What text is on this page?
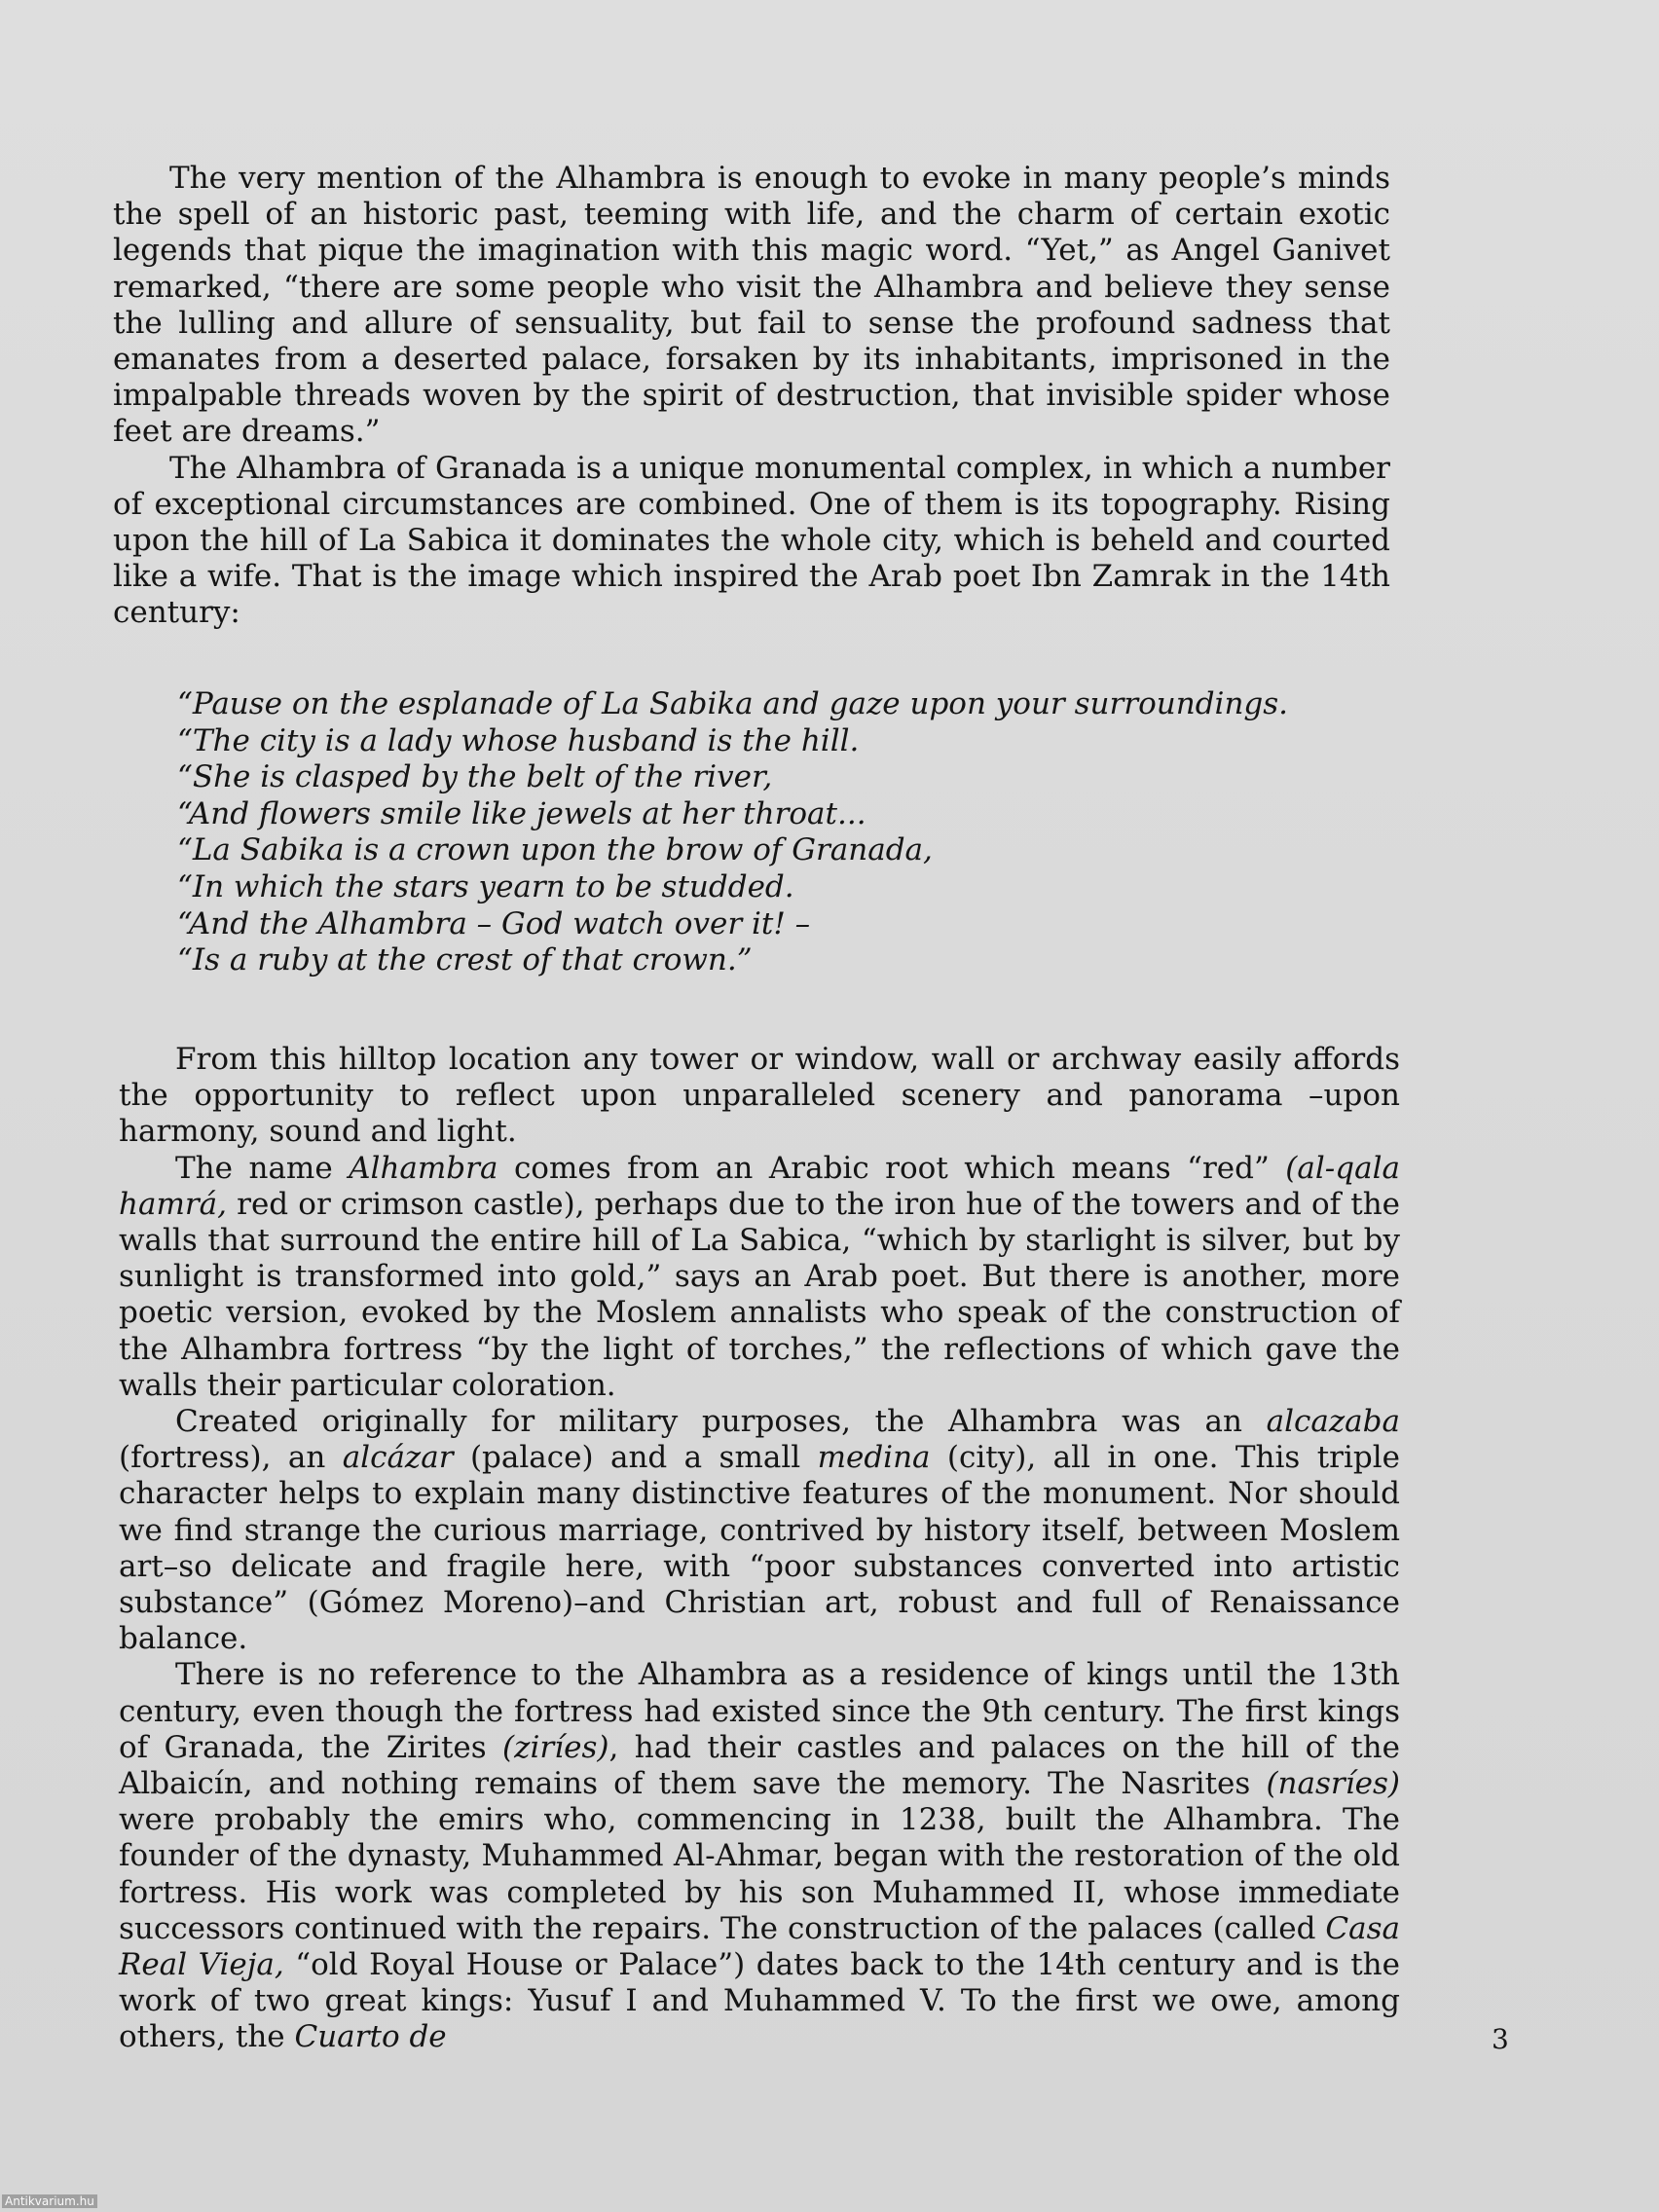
The very mention of the Alhambra is enough to evoke in many people’s minds the spell of an historic past, teeming with life, and the charm of certain exotic legends that pique the imagination with this magic word. “Yet,” as Angel Ganivet remarked, “there are some people who visit the Alhambra and believe they sense the lulling and allure of sensuality, but fail to sense the profound sadness that emanates from a deserted palace, forsaken by its inhabitants, imprisoned in the impalpable threads woven by the spirit of destruction, that invisible spider whose feet are dreams.”

The Alhambra of Granada is a unique monumental complex, in which a number of exceptional circumstances are combined. One of them is its topography. Rising upon the hill of La Sabica it dominates the whole city, which is beheld and courted like a wife. That is the image which inspired the Arab poet Ibn Zamrak in the 14th century:

“Pause on the esplanade of La Sabika and gaze upon your surroundings.
“The city is a lady whose husband is the hill.
“She is clasped by the belt of the river,
“And flowers smile like jewels at her throat...
“La Sabika is a crown upon the brow of Granada,
“In which the stars yearn to be studded.
“And the Alhambra – God watch over it! –
“Is a ruby at the crest of that crown.”

From this hilltop location any tower or window, wall or archway easily affords the opportunity to reflect upon unparalleled scenery and panorama –upon harmony, sound and light.

The name Alhambra comes from an Arabic root which means “red” (al-qala hamrá, red or crimson castle), perhaps due to the iron hue of the towers and of the walls that surround the entire hill of La Sabica, “which by starlight is silver, but by sunlight is transformed into gold,” says an Arab poet. But there is another, more poetic version, evoked by the Moslem annalists who speak of the construction of the Alhambra fortress “by the light of torches,” the reflections of which gave the walls their particular coloration.

Created originally for military purposes, the Alhambra was an alcazaba (fortress), an alcázar (palace) and a small medina (city), all in one. This triple character helps to explain many distinctive features of the monument. Nor should we find strange the curious marriage, contrived by history itself, between Moslem art–so delicate and fragile here, with “poor substances converted into artistic substance” (Gómez Moreno)–and Christian art, robust and full of Renaissance balance.

There is no reference to the Alhambra as a residence of kings until the 13th century, even though the fortress had existed since the 9th century. The first kings of Granada, the Zirites (ziríes), had their castles and palaces on the hill of the Albaicín, and nothing remains of them save the memory. The Nasrites (nasríes) were probably the emirs who, commencing in 1238, built the Alhambra. The founder of the dynasty, Muhammed Al-Ahmar, began with the restoration of the old fortress. His work was completed by his son Muhammed II, whose immediate successors continued with the repairs. The construction of the palaces (called Casa Real Vieja, “old Royal House or Palace”) dates back to the 14th century and is the work of two great kings: Yusuf I and Muhammed V. To the first we owe, among others, the Cuarto de	3
Antikvarium.hu
